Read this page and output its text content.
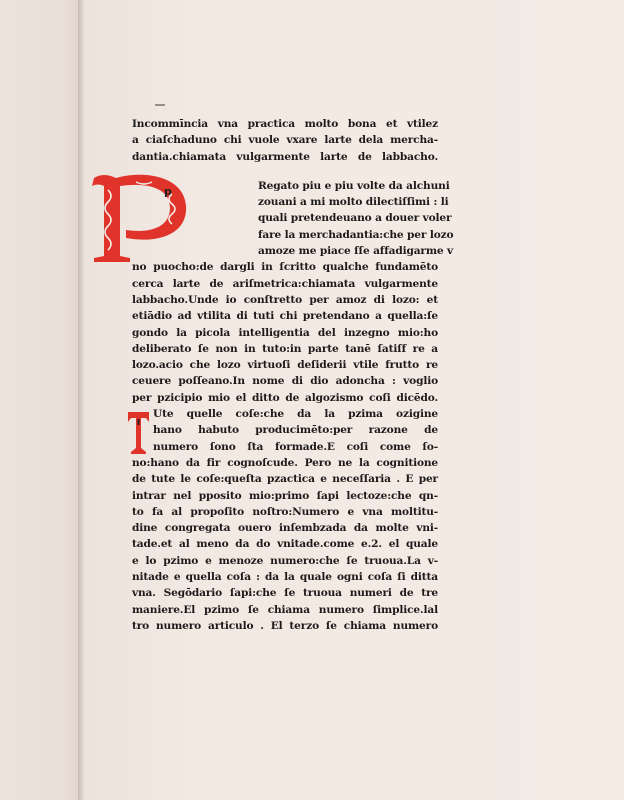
p
Incommīncia vna practica molto bona et vtilez
a ciaſchaduno chi vuole vxare larte dela mercha-
dantia.chiamata vulgarmente larte de labbacho.
Regato piu e piu volte da alchuni
zouani a mi molto dilectiſſimi : li
quali pretendeuano a douer voler
fare la merchadantia:che per lozo
amoze me piace ſſe affadigarme v
no puocho:de dargli in ſcritto qualche fundamēto
cerca larte de ariſmetrica:chiamata vulgarmente
labbacho.Unde io conſtretto per amoz di lozo: et
etiādio ad vtilita di tuti chi pretendano a quella:ſe
gondo la picola intelligentia del inzegno mio:ho
deliberato ſe non in tuto:in parte tanē ſatiſf re a
lozo.acio che lozo virtuoſi deſiderii vtile frutto re
ceuere poſſeano.In nome di dio adoncha : voglio
per pzicipio mio el ditto de algozismo coſi dicēdo.
Ute quelle coſe:che da la pzima ozigine
hano habuto producimēto:per razone de
numero ſono ſta formade.E coſi come ſo-
no:hano da fir cognoſcude. Pero ne la cognitione
de tute le coſe:queſta pzactica e neceſſaria . E per
intrar nel pposito mio:primo ſapi lectoze:che qn-
to fa al propoſito noſtro:Numero e vna moltitu-
dine congregata ouero inſembzada da molte vni-
tade.et al meno da do vnitade.come e.2. el quale
e lo pzimo e menoze numero:che ſe truoua.La v-
nitade e quella coſa : da la quale ogni coſa ſi ditta
vna. Segōdario ſapi:che ſe truoua numeri de tre
maniere.El pzimo ſe chiama numero ſimplice.lal
tro numero articulo . El terzo ſe chiama numero
